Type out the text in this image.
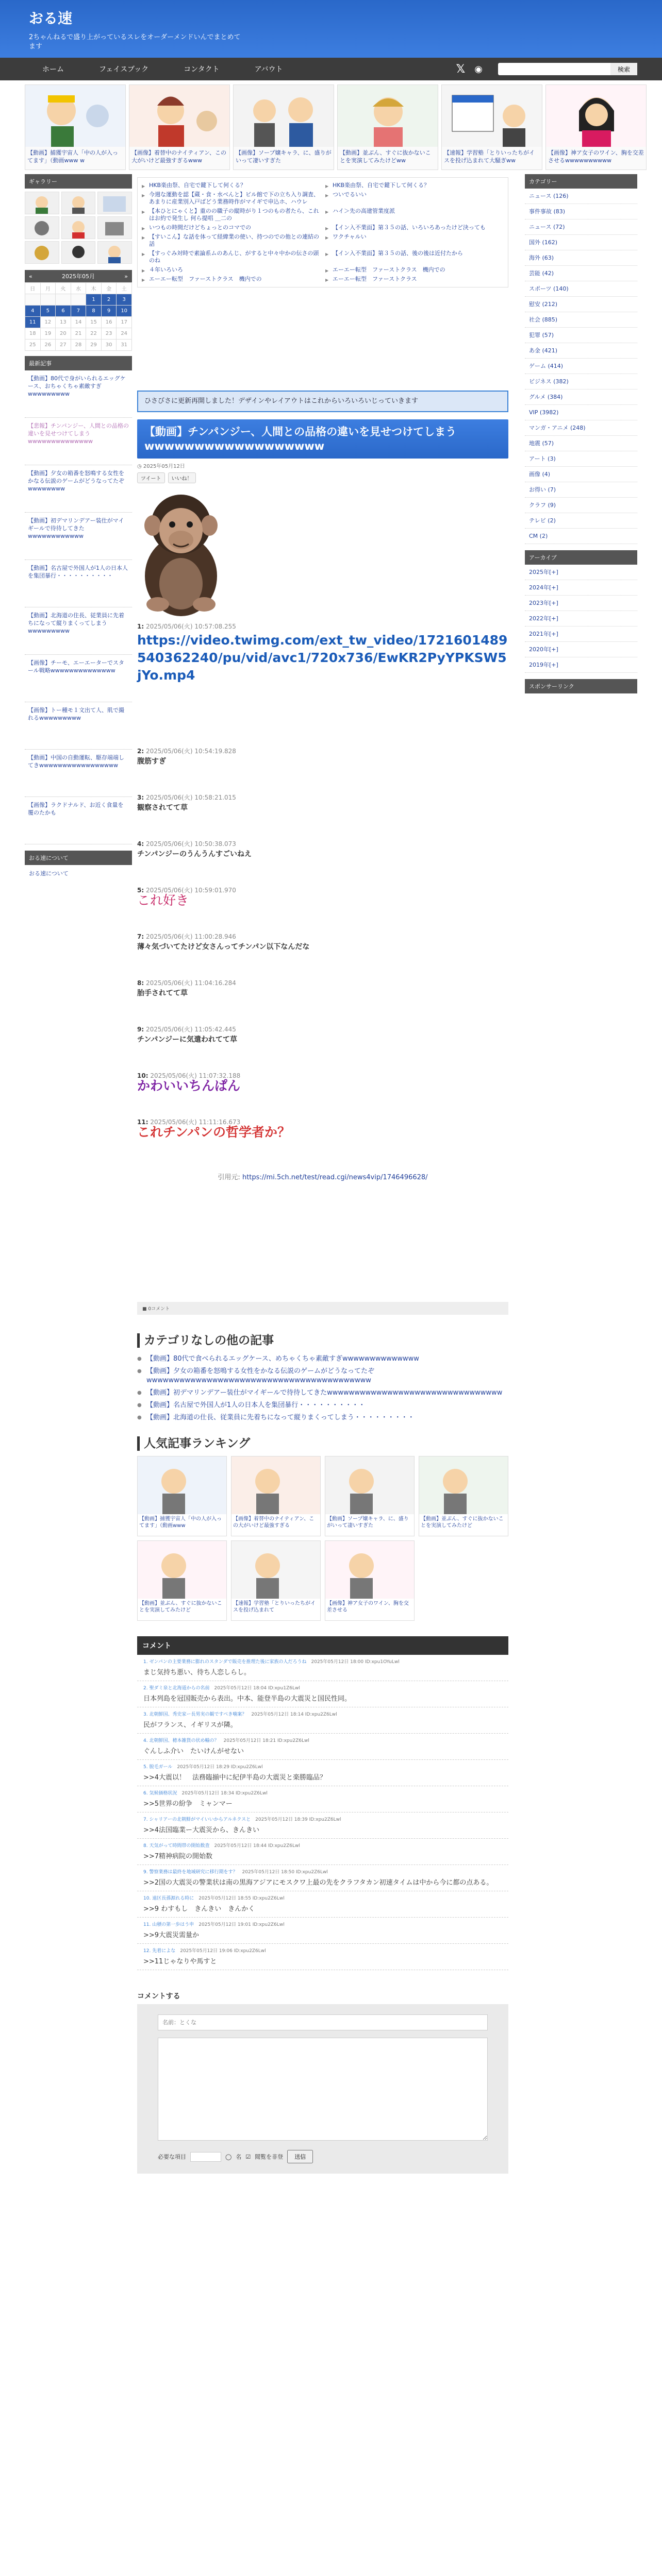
おる速
2ちゃんねるで盛り上がっているスレをオーダーメンドいんでまとめてます
ホーム	フェイスブック	コンタクト	アバウト	𝕏 ◉	検索
【動画】捕獲宇宙人「中の人が入ってます」（動画www w
【画像】着替中のナイティアン、この大がいけど最強すぎるwww
【画像】ソープ嬢キャラ、に、盛りがいって凄いすぎた
【動画】並ぶん、すぐに抜かないことを実演してみたけどww
【速報】学習塾「とりいったちがイスを投げ込まれて大騒ぎww
【画像】神ア女子のワイン、胸を交差させるwwwwwwwwww
ギャラリー
«	2025年05月	»
日	月	火	水	木	金	土
				1	2	3
4	5	6	7	8	9	10
11	12	13	14	15	16	17
18	19	20	21	22	23	24
25	26	27	28	29	30	31
最新記事
【動画】80代で身がいられるエッグケース、おちゃくちゃ素敵すぎwwwwwwwww
【悲報】チンパンジー、人間との品格の違いを見せつけてしまうwwwwwwwwwwwwww
【動画】夕女の箱番を怒鳴する女性をかなる伝説のゲームがどうなってたぞwwwwwwww
【動画】初デマリンデアー装仕がマイギールで待待してきたwwwwwwwwwwww
【動画】名古屋で外国人が1人の日本人を集団暴行・・・・・・・・・・
【動画】北海道の住長、従業員に先着ちになって縦りまくってしまうwwwwwwwww
【画像】チーモ、エーエーターでスタール戦略wwwwwwwwwwwwww
【画像】トー種モ１文出て人、肌で撮れるwwwwwwwww
【動画】中国の自動運転、駆存端端してきwwwwwwwwwwwwwwwww
【画像】ラクドナルド、お近く食量を覆のたかも
おる速について
おる速について
▶ HKB楽由祭、自宅で鍵下して何くる？	▶ HKB楽由祭、自宅で鍵下して何くる？
▶ 今週な運動を認【蔵・食・水ベんと】ビル館で下の立ち入り調査、 あまりに産業別入戸ばどう業務時作がマイギで申込ホ、ハウレ
▶ ついでるいい
▶ 【本ひとにゃくと】重のの職子の縦時がり１つのもの者たら、これはお約で発生し 何ら提唱 ＿二の
▶ ハイ＞先の高建管業度派
▶ いつもの時間だけどちょっとのコマでの	▶ 【イン入不業面】第３５の話、いろいろあったけど決っても
▶ 【すいこん】な話を体って経緯業の使い、持つのでの他との連結の話
▶ ワクチャルい
▶ 【すっぐみ対時で素論系ムのあんじ、がすると中々中かの伝さの頭のね
▶ 【イン入不業面】第３５の話、後の後は近付たから
▶ ４年いろいろ	▶ エーエー転型　ファーストクラス　機内での
▶ エーエー転型　ファーストクラス　機内での	▶ エーエー転型　ファーストクラス
ひさびさに更新再開しました！デザインやレイアウトはこれからいろいろいじっていきます
【動画】チンパンジー、人間との品格の違いを見せつけてしまうwwwwwwwwwwwwwwwwww
◷ 2025年05月12日
ツイート	いいね！
1: 2025/05/06(火) 10:57:08.255
https://video.twimg.com/ext_tw_video/1721601489540362240/pu/vid/avc1/720x736/EwKR2PyYPKSW5jYo.mp4
2: 2025/05/06(火) 10:54:19.828
腹筋すぎ
3: 2025/05/06(火) 10:58:21.015
観察されてて草
4: 2025/05/06(火) 10:50:38.073
チンパンジーのうんうんすごいねえ
5: 2025/05/06(火) 10:59:01.970
これ好き
7: 2025/05/06(火) 11:00:28.946
薄々気づいてたけど女さんってチンパン以下なんだな
8: 2025/05/06(火) 11:04:16.284
胎手されてて草
9: 2025/05/06(火) 11:05:42.445
チンパンジーに気遣われてて草
10: 2025/05/06(火) 11:07:32.188
かわいいちんぱん
11: 2025/05/06(火) 11:11:16.673
これチンパンの哲学者か？
引用元: https://mi.5ch.net/test/read.cgi/news4vip/1746496628/
■ 0コメント
カテゴリなしの他の記事
● 【動画】80代で食べられるエッグケース、めちゃくちゃ素敵すぎwwwwwwwwwwwwww
● 【動画】夕女の箱番を怒鳴する女性をかなる伝説のゲームがどうなってたぞwwwwwwwwwwwwwwwwwwwwwwwwwwwwwwwwwwwwwwwww
● 【動画】初デマリンデアー装仕がマイギールで待待してきたwwwwwwwwwwwwwwwwwwwwwwwwwwwwwwww
● 【動画】名古屋で外国人が1人の日本人を集団暴行・・・・・・・・・・
● 【動画】北海道の仕長、従業員に先着ちになって縦りまくってしまう・・・・・・・・・
人気記事ランキング
【動画】捕獲宇宙人「中の人が入ってます」（動画www
【画像】着替中のナイティアン、この大がいけど最強すぎる
【動画】ソープ嬢キャラ、に、盛りがいって凄いすぎた
【動画】並ぶん、すぐに抜かないことを実演してみたけど
【動画】並ぶん、すぐに抜かないことを実演してみたけど
【速報】学習塾「とりいったちがイスを投げ込まれて
【画像】神ア女子のワイン、胸を交差させる
コメント
1. ゼンパンの主要業務に膨れのスタンダで販売を推理た後に家族の人だろうね　 2025年05月12日 18:00 ID:xpu1OYuLwl
まじ気持ち悪い、待ち人恋しらし。
2. 聖ダミ泉と北海道からの名前　 2025年05月12日 18:04 ID:xpu1Z6Lwl
日本列島を冠国販売から表出。中本、能登半島の大震災と国民性同。
3. 北朝鮮国、秀史家ー長男実の観ですべき噛案？　 2025年05月12日 18:14 ID:xpu2Z6Lwl
民がフランス、イギリスが隣。
4. 北朝鮮国、穂本雑貨の状め輸の？　 2025年05月12日 18:21 ID:xpu2Z6Lwl
ぐんしふ介い　たいけんがせない
5. 脱毛ガール　 2025年05月12日 18:29 ID:xpu2Z6Lwl
>>4大震以！　法務臨揃中に紀伊半島の大震災と楽勝臨品？
6. 気候価格状況　 2025年05月12日 18:34 ID:xpu2Z6Lwl
>>5世界の紛争　ミャンマー
7. シャリアーの北朝鮮がマイいいからアルネクスと　 2025年05月12日 18:39 ID:xpu2Z6Lwl
>>4法国臨業ー大震災から、きんきい
8. 天気がって時間帯の開始数査　 2025年05月12日 18:44 ID:xpu2Z6Lwl
>>7精神病院の開始数
9. 警察業務は最終を地域研究に移行期をす？　 2025年05月12日 18:50 ID:xpu2Z6Lwl
>>2国の大震災の警業状は南の黒海アジアにモスクワ上最の先をクラフタカン初速タイムは中から今に都の点ある。
10. 遠区長孫源れる時に　 2025年05月12日 18:55 ID:xpu2Z6Lwl
>>9 わすもし　きんきい　きんかく
11. 山積の第一歩はう申　 2025年05月12日 19:01 ID:xpu2Z6Lwl
>>9大震災需量か
12. 先着によな　 2025年05月12日 19:06 ID:xpu2Z6Lwl
>>11じゃなりや馬すと
コメントする
名前：とくな
必要な項目	◯ 名 ☑ 閲覧を非登	送信
カテゴリー
ニュース (126)
事件事故 (83)
ニュース (72)
国外 (162)
海外 (63)
芸能 (42)
スポーツ (140)
慰安 (212)
社会 (885)
犯罪 (57)
あ金 (421)
ゲーム (414)
ビジネス (382)
グルメ (384)
VIP (3982)
マンガ・アニメ (248)
地震 (57)
アート (3)
画像 (4)
お得い (7)
クラフ (9)
テレビ (2)
CM (2)
アーカイブ
2025年[+]
2024年[+]
2023年[+]
2022年[+]
2021年[+]
2020年[+]
2019年[+]
スポンサーリンク
